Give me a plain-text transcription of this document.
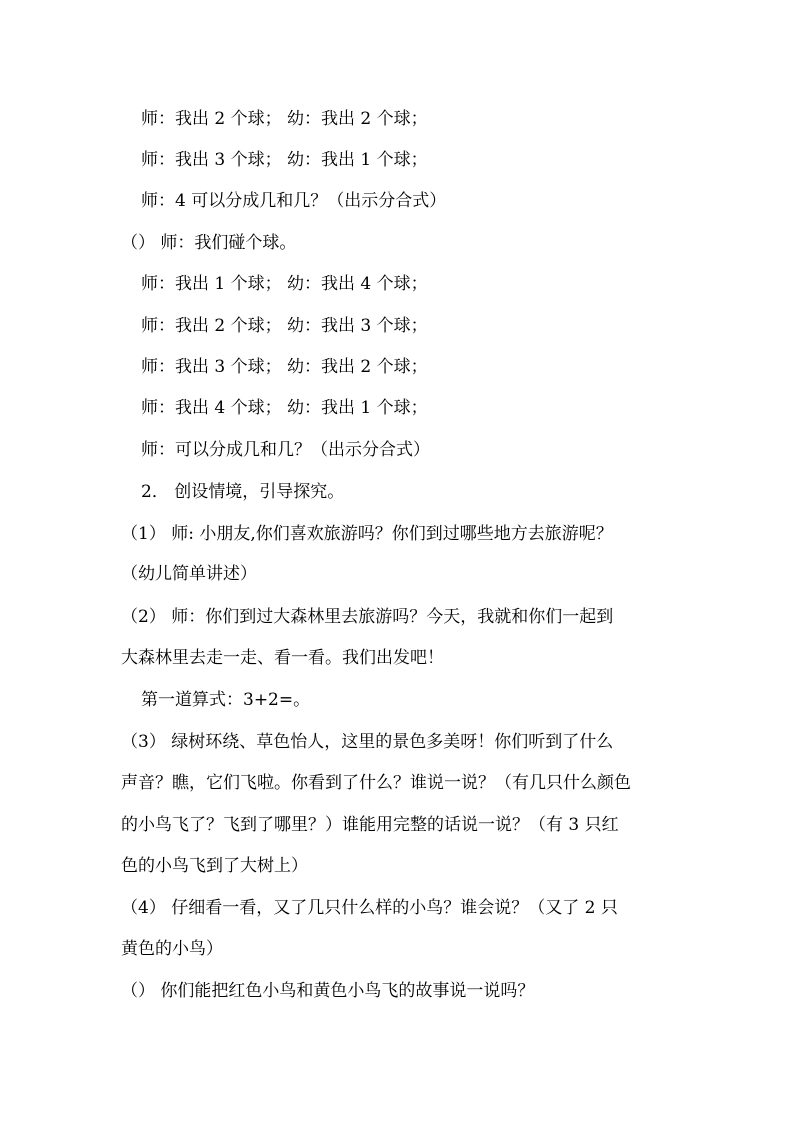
师：我出 2 个球； 幼：我出 2 个球；
师：我出 3 个球； 幼：我出 1 个球；
师：4 可以分成几和几？（出示分合式）
（） 师：我们碰个球。
师：我出 1 个球； 幼：我出 4 个球；
师：我出 2 个球； 幼：我出 3 个球；
师：我出 3 个球； 幼：我出 2 个球；
师：我出 4 个球； 幼：我出 1 个球；
师：可以分成几和几？（出示分合式）
2． 创设情境，引导探究。
（1） 师: 小朋友,你们喜欢旅游吗？你们到过哪些地方去旅游呢？
（幼儿简单讲述）
（2） 师：你们到过大森林里去旅游吗？今天，我就和你们一起到
大森林里去走一走、看一看。我们出发吧！
第一道算式：3+2=。
（3） 绿树环绕、草色怡人，这里的景色多美呀！你们听到了什么
声音？瞧，它们飞啦。你看到了什么？谁说一说？（有几只什么颜色
的小鸟飞了？飞到了哪里？）谁能用完整的话说一说？（有 3 只红
色的小鸟飞到了大树上）
（4） 仔细看一看，又了几只什么样的小鸟？谁会说？（又了 2 只
黄色的小鸟）
（） 你们能把红色小鸟和黄色小鸟飞的故事说一说吗？
